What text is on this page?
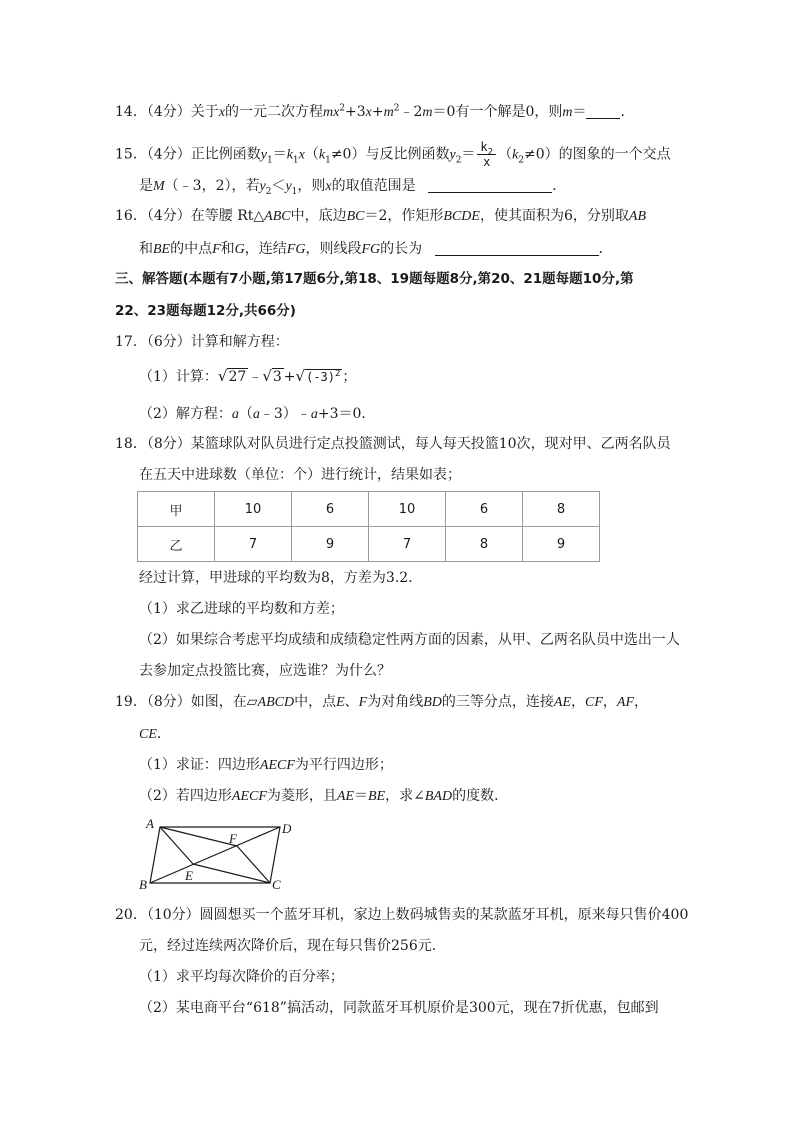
14．（4分）关于x的一元二次方程$mx^2+3x+m^2﹣2m=0$有一个解是0，则m＝ ．
15．（4分）正比例函数$y_1=k_1x(k_1\ne 0)$与反比例函数$y_2= \frac{k_2}{x} (k_2\ne 0)$的图象的一个交点
是M（﹣3，2），若$y_2<y_1$，则x的取值范围是	．
16．（4分）在等腰 Rt△ABC中，底边BC＝2，作矩形BCDE，使其面积为6，分别取AB
和BE的中点F和G，连结FG，则线段FG的长为	．
三、解答题(本题有7小题,第17题6分,第18、19题每题8分,第20、21题每题10分,第
22、23题每题12分,共66分)
17．（6分）计算和解方程：
（1）计算：√27 ﹣√3 $+√(-3)^2$ ；
（2）解方程：a（a﹣3）﹣a+3＝0．
18．（8分）某篮球队对队员进行定点投篮测试，每人每天投篮10次，现对甲、乙两名队员
在五天中进球数（单位：个）进行统计，结果如表；
甲	10	6	10	6	8
乙	7	9	7	8	9
经过计算，甲进球的平均数为8，方差为3.2．
（1）求乙进球的平均数和方差；
（2）如果综合考虑平均成绩和成绩稳定性两方面的因素，从甲、乙两名队员中选出一人
去参加定点投篮比赛，应选谁？为什么？
19．（8分）如图，在▱ABCD中，点E、F为对角线BD的三等分点，连接AE，CF，AF，
CE．
（1）求证：四边形AECF为平行四边形；
（2）若四边形AECF为菱形，且AE＝BE，求∠BAD的度数．
A	D
B	C
F
E
20．（10分）圆圆想买一个蓝牙耳机，家边上数码城售卖的某款蓝牙耳机，原来每只售价400
元，经过连续两次降价后，现在每只售价256元．
（1）求平均每次降价的百分率；
（2）某电商平台“618”搞活动，同款蓝牙耳机原价是300元，现在7折优惠，包邮到
